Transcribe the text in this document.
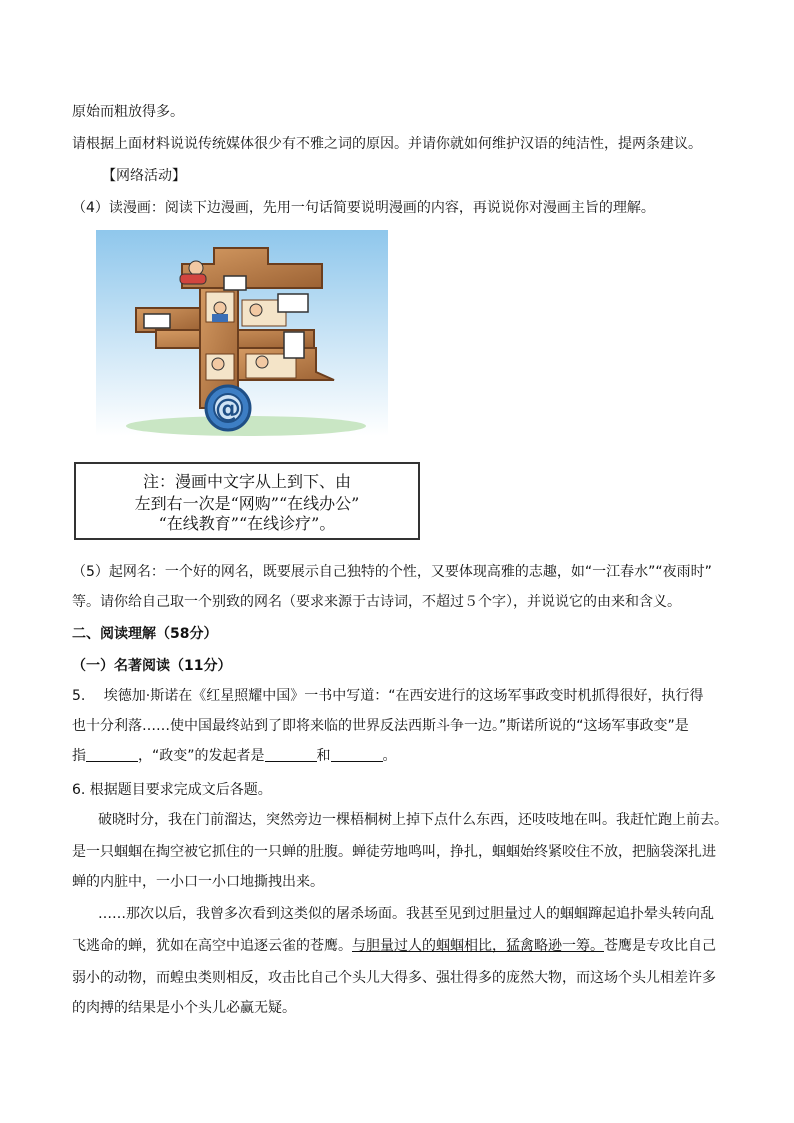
原始而粗放得多。
请根据上面材料说说传统媒体很少有不雅之词的原因。并请你就如何维护汉语的纯洁性，提两条建议。
【网络活动】
（4）读漫画：阅读下边漫画，先用一句话简要说明漫画的内容，再说说你对漫画主旨的理解。
@
注：漫画中文字从上到下、由
左到右一次是“网购”“在线办公”
“在线教育”“在线诊疗”。
（5）起网名：一个好的网名，既要展示自己独特的个性，又要体现高雅的志趣，如“一江春水”“夜雨时”
等。请你给自己取一个别致的网名（要求来源于古诗词，不超过５个字），并说说它的由来和含义。
二、阅读理解（58分）
（一）名著阅读（11分）
5.　 埃德加·斯诺在《红星照耀中国》一书中写道：“在西安进行的这场军事政变时机抓得很好，执行得
也十分利落……使中国最终站到了即将来临的世界反法西斯斗争一边。”斯诺所说的“这场军事政变”是
指	，“政变”的发起者是	和	。
6. 根据题目要求完成文后各题。
破晓时分，我在门前溜达，突然旁边一棵梧桐树上掉下点什么东西，还吱吱地在叫。我赶忙跑上前去。
是一只蝈蝈在掏空被它抓住的一只蝉的肚腹。蝉徒劳地鸣叫，挣扎，蝈蝈始终紧咬住不放，把脑袋深扎进
蝉的内脏中，一小口一小口地撕拽出来。
……那次以后，我曾多次看到这类似的屠杀场面。我甚至见到过胆量过人的蝈蝈蹿起追扑晕头转向乱
飞逃命的蝉，犹如在高空中追逐云雀的苍鹰。与胆量过人的蝈蝈相比，猛禽略逊一筹。苍鹰是专攻比自己
弱小的动物，而蝗虫类则相反，攻击比自己个头儿大得多、强壮得多的庞然大物，而这场个头儿相差许多
的肉搏的结果是小个头儿必赢无疑。
